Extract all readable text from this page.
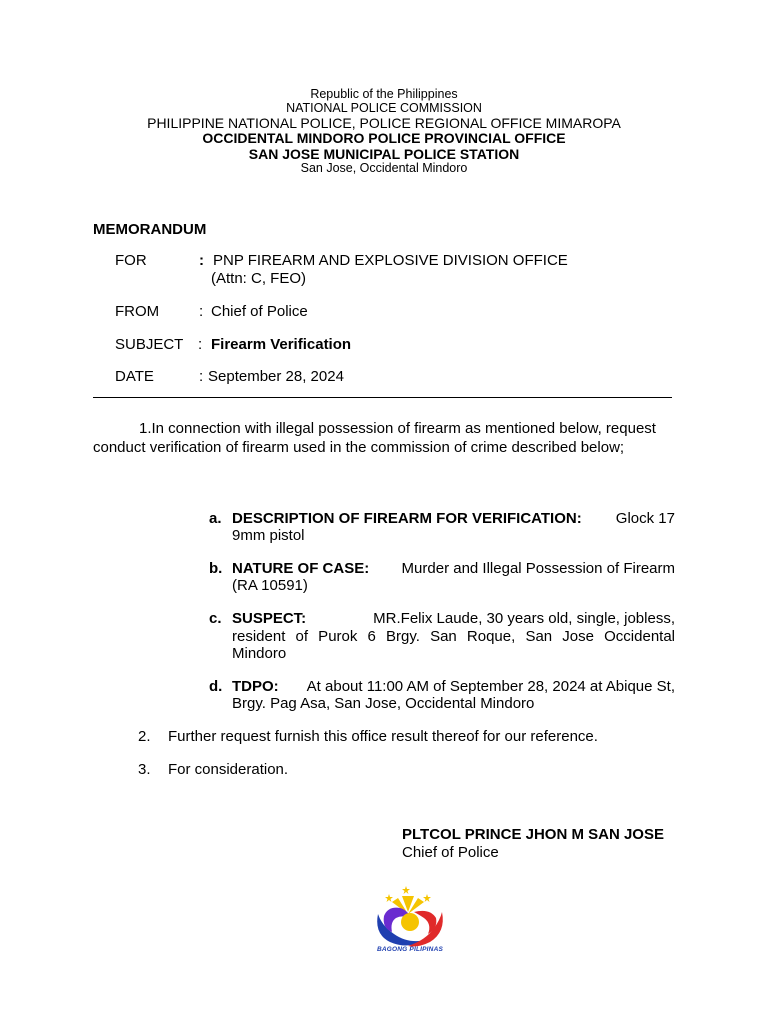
Republic of the Philippines
NATIONAL POLICE COMMISSION
PHILIPPINE NATIONAL POLICE, POLICE REGIONAL OFFICE MIMAROPA
OCCIDENTAL MINDORO POLICE PROVINCIAL OFFICE
SAN JOSE MUNICIPAL POLICE STATION
San Jose, Occidental Mindoro
MEMORANDUM
FOR	: PNP FIREARM AND EXPLOSIVE DIVISION OFFICE
(Attn: C, FEO)
FROM	: Chief of Police
SUBJECT : Firearm Verification
DATE	: September 28, 2024
1.In connection with illegal possession of firearm as mentioned below, request
conduct verification of firearm used in the commission of crime described below;
a. DESCRIPTION OF FIREARM FOR VERIFICATION: Glock 17
9mm pistol
b. NATURE OF CASE: Murder and Illegal Possession of Firearm
(RA 10591)
c. SUSPECT:	MR.Felix Laude, 30 years old, single, jobless,
resident of Purok 6 Brgy. San Roque, San Jose Occidental
Mindoro
d. TDPO: At about 11:00 AM of September 28, 2024 at Abique St,
Brgy. Pag Asa, San Jose, Occidental Mindoro
2. Further request furnish this office result thereof for our reference.
3. For consideration.
PLTCOL PRINCE JHON M SAN JOSE
Chief of Police
BAGONG PILIPINAS
